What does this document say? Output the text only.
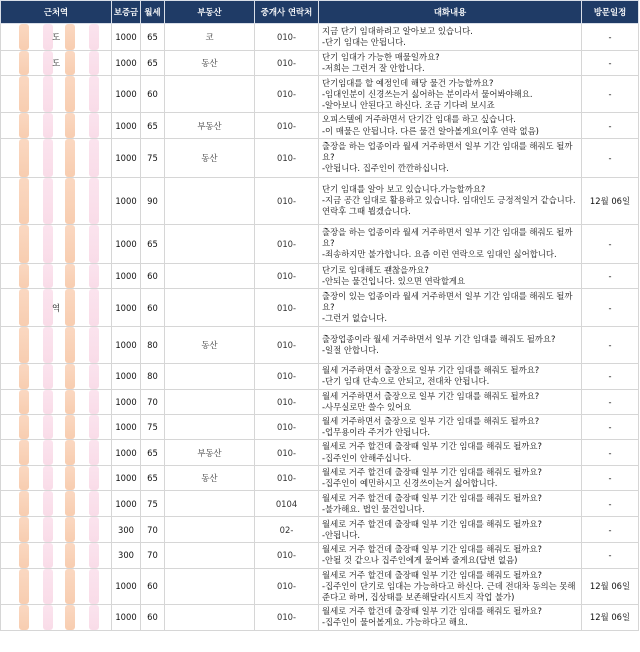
근처역	보증금	월세	부동산	중개사 연락처	대화내용	방문일정

도	1000	65	코	010-	지금 단기 임대하려고 알아보고 있습니다.
-단기 임대는 안됩니다.	-

도	1000	65	동산	010-	단기 임대가 가능한 매물일까요?
-저희는 그런거 잘 안합니다.	-

	1000	60		010-	단기임대를 할 예정인데 해당 물건 가능할까요?
-임대인분이 신경쓰는거 싫어하는 분이라서 물어봐야해요.
-알아보니 안된다고 하신다. 조금 기다려 보시죠	-

	1000	65	부동산	010-	오피스텔에 거주하면서 단기간 임대를 하고 싶습니다.
-이 매물은 안됩니다. 다른 물건 알아볼게요(이후 연락 없음)	-

	1000	75	동산	010-	출장을 하는 업종이라 월세 거주하면서 일부 기간 임대를 해줘도 될까요?
-안됩니다. 집주인이 깐깐하십니다.	-

	1000	90		010-	단기 임대를 알아 보고 있습니다.가능할까요?
-지금 공간 임대로 활용하고 있습니다. 임대인도 긍정적일거 같습니다.
연락후 그때 뵙겠습니다.	12월 06일

	1000	65		010-	출장을 하는 업종이라 월세 거주하면서 일부 기간 임대를 해줘도 될까요?
-죄송하지만 불가합니다. 요즘 이런 연락으로 임대인 싫어합니다.	-

	1000	60		010-	단기로 임대해도 괜찮을까요?
-안되는 물건입니다. 있으면 연락할게요	-

역	1000	60		010-	출장이 있는 업종이라 월세 거주하면서 일부 기간 임대를 해줘도 될까요?
-그런거 없습니다.	-

	1000	80	동산	010-	출장업종이라 월세 거주하면서 일부 기간 임대를 해줘도 될까요?
-일절 안합니다.	-

	1000	80		010-	월세 거주하면서 출장으로 일부 기간 임대를 해줘도 될까요?
-단기 임대 단속으로 안되고, 전대차 안됩니다.	-

	1000	70		010-	월세 거주하면서 출장으로 일부 기간 임대를 해줘도 될까요?
-사무실로만 쓸수 있어요	-

	1000	75		010-	월세 거주하면서 출장으로 일부 기간 임대를 해줘도 될까요?
-업무용이라 주거가 안됩니다.	-

	1000	65	부동산	010-	월세로 거주 할건데 출장때 일부 기간 임대를 해줘도 될까요?
-집주인이 안해주십니다.	-

	1000	65	동산	010-	월세로 거주 할건데 출장때 일부 기간 임대를 해줘도 될까요?
-집주인이 예민하시고 신경쓰이는거 싫어합니다.	-

	1000	75		0104	월세로 거주 할건데 출장때 일부 기간 임대를 해줘도 될까요?
-불가해요. 법인 물건입니다.	-

	300	70		02-	월세로 거주 할건데 출장때 일부 기간 임대를 해줘도 될까요?
-안됩니다.	-

	300	70		010-	월세로 거주 할건데 출장때 일부 기간 임대를 해줘도 될까요?
-안될 것 같으나 집주인에게 물어봐 줄게요(답변 없음)	-

	1000	60		010-	월세로 거주 할건데 출장때 일부 기간 임대를 해줘도 될까요?
-집주인이 단기로 임대는 가능하다고 하신다. 근데 전대차 동의는 못해준다고 하며, 집상태를 보존해달라(시트지 작업 불가)	12월 06일

	1000	60		010-	월세로 거주 할건데 출장때 일부 기간 임대를 해줘도 될까요?
-집주인이 물어볼게요. 가능하다고 해요.	12월 06일
